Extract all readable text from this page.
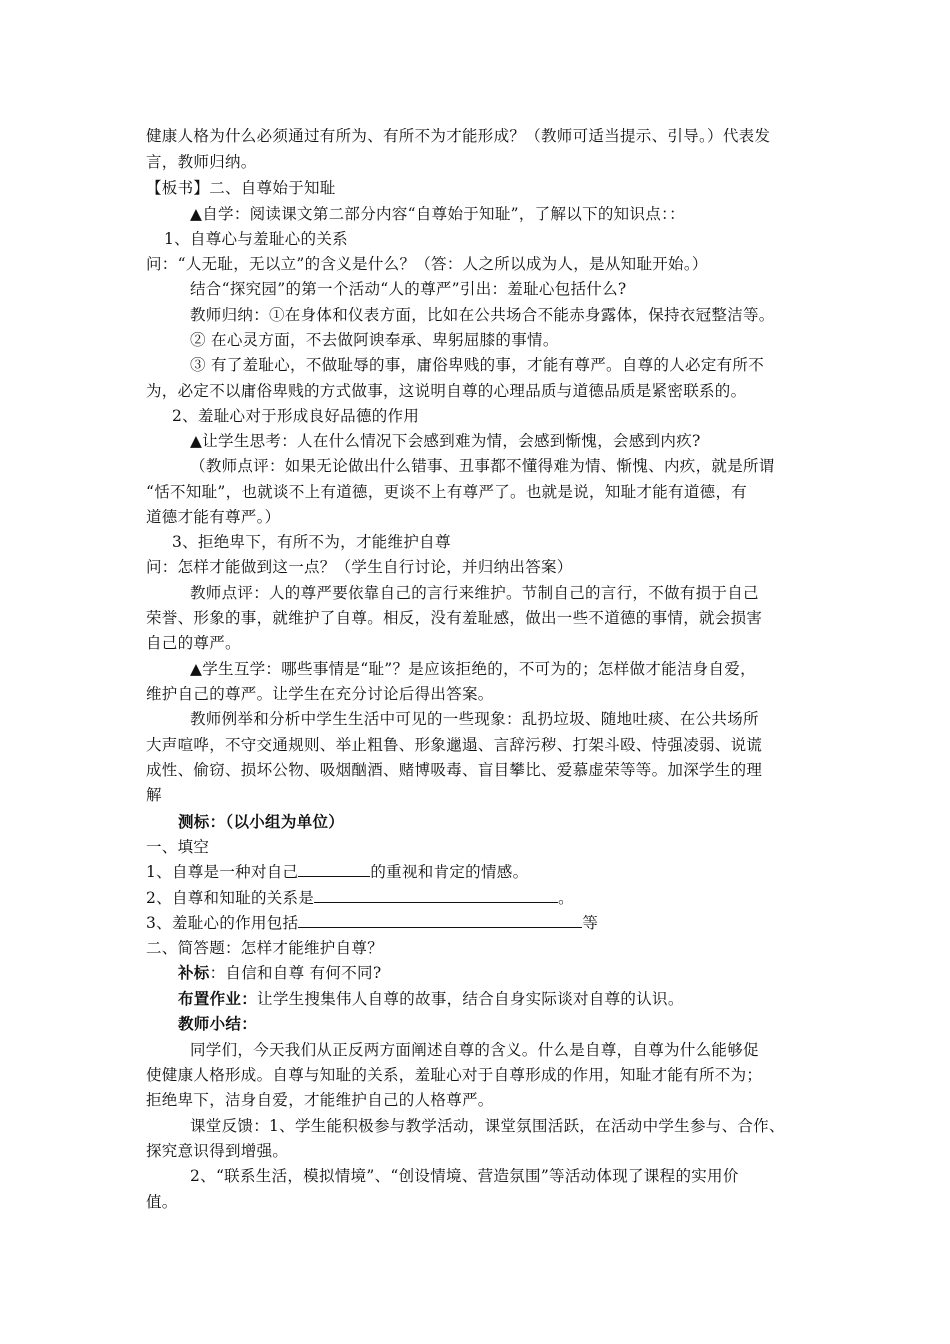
健康人格为什么必须通过有所为、有所不为才能形成？（教师可适当提示、引导。）代表发
言，教师归纳。
【板书】二、自尊始于知耻
▲自学：阅读课文第二部分内容“自尊始于知耻”，了解以下的知识点：：
1、自尊心与羞耻心的关系
问：“人无耻，无以立”的含义是什么？（答：人之所以成为人，是从知耻开始。）
结合“探究园”的第一个活动“人的尊严”引出：羞耻心包括什么?
教师归纳：①在身体和仪表方面，比如在公共场合不能赤身露体，保持衣冠整洁等。
② 在心灵方面，不去做阿谀奉承、卑躬屈膝的事情。
③ 有了羞耻心，不做耻辱的事，庸俗卑贱的事，才能有尊严。自尊的人必定有所不
为，必定不以庸俗卑贱的方式做事，这说明自尊的心理品质与道德品质是紧密联系的。
2、羞耻心对于形成良好品德的作用
▲让学生思考：人在什么情况下会感到难为情，会感到惭愧，会感到内疚?
（教师点评：如果无论做出什么错事、丑事都不懂得难为情、惭愧、内疚，就是所谓
“恬不知耻”，也就谈不上有道德，更谈不上有尊严了。也就是说，知耻才能有道德，有
道德才能有尊严。）
3、拒绝卑下，有所不为，才能维护自尊
问：怎样才能做到这一点？（学生自行讨论，并归纳出答案）
教师点评：人的尊严要依靠自己的言行来维护。节制自己的言行，不做有损于自己
荣誉、形象的事，就维护了自尊。相反，没有羞耻感，做出一些不道德的事情，就会损害
自己的尊严。
▲学生互学：哪些事情是“耻”？是应该拒绝的，不可为的；怎样做才能洁身自爱，
维护自己的尊严。让学生在充分讨论后得出答案。
教师例举和分析中学生生活中可见的一些现象：乱扔垃圾、随地吐痰、在公共场所
大声喧哗，不守交通规则、举止粗鲁、形象邋遢、言辞污秽、打架斗殴、恃强凌弱、说谎
成性、偷窃、损坏公物、吸烟酗酒、赌博吸毒、盲目攀比、爱慕虚荣等等。加深学生的理
解
测标：（以小组为单位）
一、填空
1、自尊是一种对自己	的重视和肯定的情感。
2、自尊和知耻的关系是	。
3、羞耻心的作用包括	等
二、简答题：怎样才能维护自尊？
补标：自信和自尊 有何不同?
布置作业：让学生搜集伟人自尊的故事，结合自身实际谈对自尊的认识。
教师小结：
同学们，今天我们从正反两方面阐述自尊的含义。什么是自尊，自尊为什么能够促
使健康人格形成。自尊与知耻的关系，羞耻心对于自尊形成的作用，知耻才能有所不为；
拒绝卑下，洁身自爱，才能维护自己的人格尊严。
课堂反馈：1、学生能积极参与教学活动，课堂氛围活跃，在活动中学生参与、合作、
探究意识得到增强。
2、“联系生活，模拟情境”、“创设情境、营造氛围”等活动体现了课程的实用价
值。
